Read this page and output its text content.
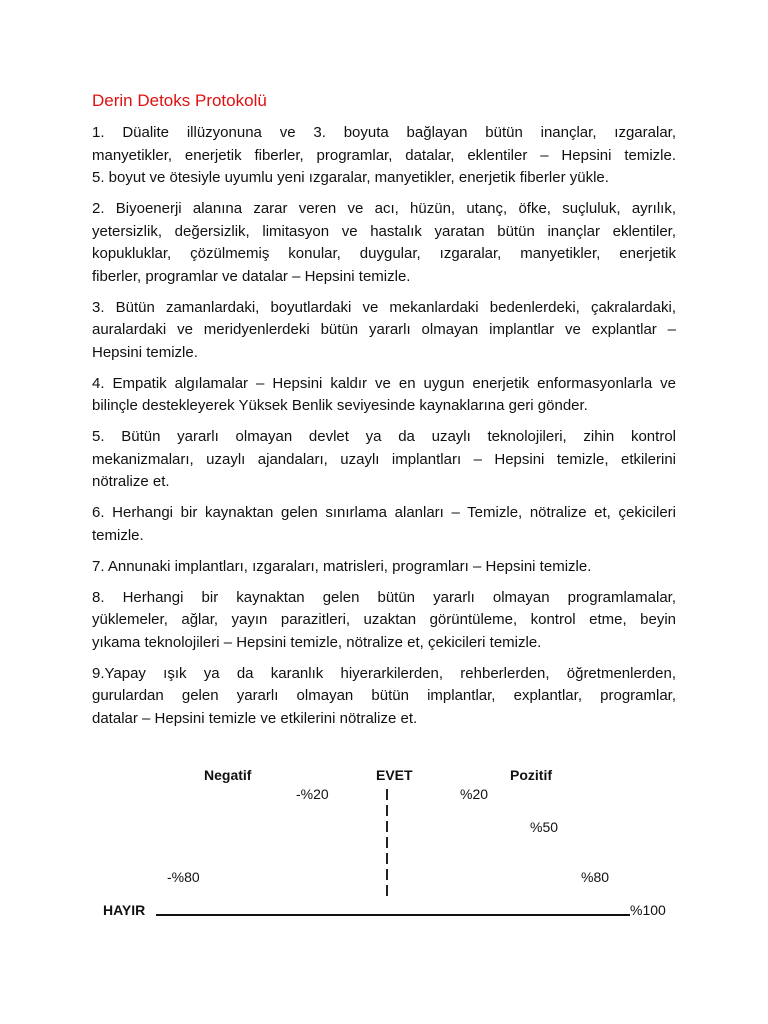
Derin Detoks Protokolü
1. Düalite illüzyonuna ve 3. boyuta bağlayan bütün inançlar, ızgaralar,
manyetikler, enerjetik fiberler, programlar, datalar, eklentiler – Hepsini temizle.
5. boyut ve ötesiyle uyumlu yeni ızgaralar, manyetikler, enerjetik fiberler yükle.
2. Biyoenerji alanına zarar veren ve acı, hüzün, utanç, öfke, suçluluk, ayrılık,
yetersizlik, değersizlik, limitasyon ve hastalık yaratan bütün inançlar eklentiler,
kopukluklar, çözülmemiş konular, duygular, ızgaralar, manyetikler, enerjetik
fiberler, programlar ve datalar – Hepsini temizle.
3. Bütün zamanlardaki, boyutlardaki ve mekanlardaki bedenlerdeki, çakralardaki,
auralardaki ve meridyenlerdeki bütün yararlı olmayan implantlar ve explantlar –
Hepsini temizle.
4. Empatik algılamalar – Hepsini kaldır ve en uygun enerjetik enformasyonlarla ve
bilinçle destekleyerek Yüksek Benlik seviyesinde kaynaklarına geri gönder.
5. Bütün yararlı olmayan devlet ya da uzaylı teknolojileri, zihin kontrol
mekanizmaları, uzaylı ajandaları, uzaylı implantları – Hepsini temizle, etkilerini
nötralize et.
6. Herhangi bir kaynaktan gelen sınırlama alanları – Temizle, nötralize et, çekicileri
temizle.
7. Annunaki implantları, ızgaraları, matrisleri, programları – Hepsini temizle.
8. Herhangi bir kaynaktan gelen bütün yararlı olmayan programlamalar,
yüklemeler, ağlar, yayın parazitleri, uzaktan görüntüleme, kontrol etme, beyin
yıkama teknolojileri – Hepsini temizle, nötralize et, çekicileri temizle.
9.Yapay ışık ya da karanlık hiyerarkilerden, rehberlerden, öğretmenlerden,
gurulardan gelen yararlı olmayan bütün implantlar, explantlar, programlar,
datalar – Hepsini temizle ve etkilerini nötralize et.
Negatif	EVET	Pozitif
-%20	%20
%50
-%80	%80
HAYIR	%100
